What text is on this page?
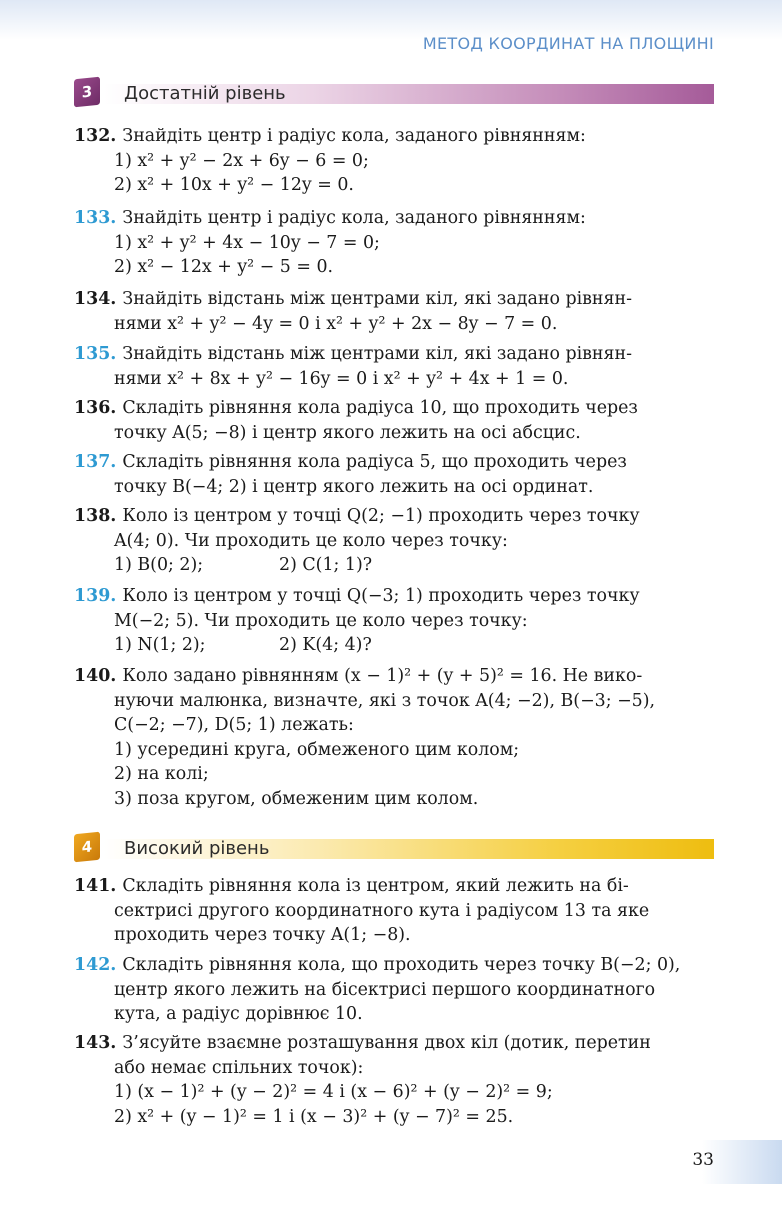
МЕТОД КООРДИНАТ НА ПЛОЩИНІ
3	Достатній рівень
132. Знайдіть центр і радіус кола, заданого рівнянням:
1) x² + y² − 2x + 6y − 6 = 0;
2) x² + 10x + y² − 12y = 0.
133. Знайдіть центр і радіус кола, заданого рівнянням:
1) x² + y² + 4x − 10y − 7 = 0;
2) x² − 12x + y² − 5 = 0.
134. Знайдіть відстань між центрами кіл, які задано рівнян-
нями x² + y² − 4y = 0 і x² + y² + 2x − 8y − 7 = 0.
135. Знайдіть відстань між центрами кіл, які задано рівнян-
нями x² + 8x + y² − 16y = 0 і x² + y² + 4x + 1 = 0.
136. Складіть рівняння кола радіуса 10, що проходить через
точку A(5; −8) і центр якого лежить на осі абсцис.
137. Складіть рівняння кола радіуса 5, що проходить через
точку B(−4; 2) і центр якого лежить на осі ординат.
138. Коло із центром у точці Q(2; −1) проходить через точку
A(4; 0). Чи проходить це коло через точку:
1) B(0; 2);	2) C(1; 1)?
139. Коло із центром у точці Q(−3; 1) проходить через точку
M(−2; 5). Чи проходить це коло через точку:
1) N(1; 2);	2) K(4; 4)?
140. Коло задано рівнянням (x − 1)² + (y + 5)² = 16. Не вико-
нуючи малюнка, визначте, які з точок A(4; −2), B(−3; −5),
C(−2; −7), D(5; 1) лежать:
1) усередині круга, обмеженого цим колом;
2) на колі;
3) поза кругом, обмеженим цим колом.
4	Високий рівень
141. Складіть рівняння кола із центром, який лежить на бі-
сектрисі другого координатного кута і радіусом 13 та яке
проходить через точку A(1; −8).
142. Складіть рівняння кола, що проходить через точку B(−2; 0),
центр якого лежить на бісектрисі першого координатного
кута, а радіус дорівнює 10.
143. З’ясуйте взаємне розташування двох кіл (дотик, перетин
або немає спільних точок):
1) (x − 1)² + (y − 2)² = 4 і (x − 6)² + (y − 2)² = 9;
2) x² + (y − 1)² = 1 і (x − 3)² + (y − 7)² = 25.
33
